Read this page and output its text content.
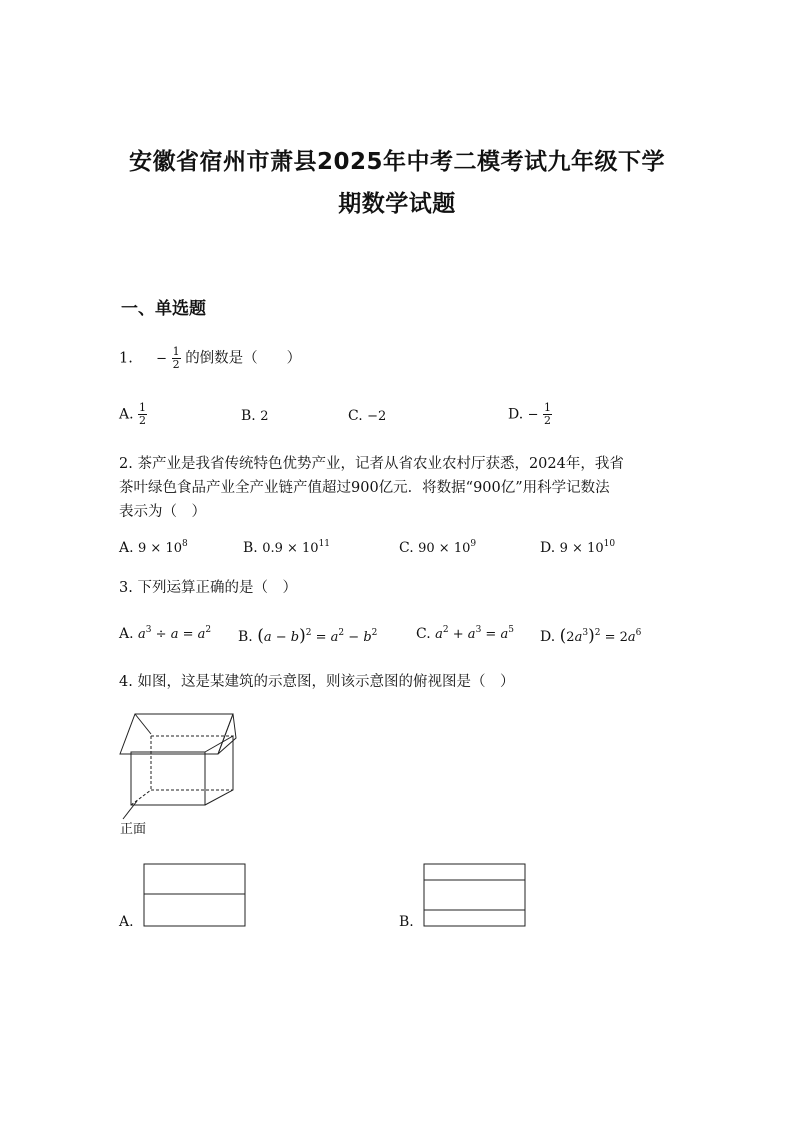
安徽省宿州市萧县2025年中考二模考试九年级下学
期数学试题
一、单选题
1. − $\frac{1}{2}$ 的倒数是（　　）
A. $\frac{1}{2}$	B. 2	C. −2	D. − $\frac{1}{2}$
2. 茶产业是我省传统特色优势产业，记者从省农业农村厅获悉，2024年，我省
茶叶绿色食品产业全产业链产值超过900亿元．将数据“900亿”用科学记数法
表示为（　）
A. $9 \times 10^8$	B. $0.9 \times 10^{11}$	C. $90 \times 10^9$	D. $9 \times 10^{10}$
3. 下列运算正确的是（　）
A. $a^3 \div a = a^2$ B. $(a - b)^2 = a^2 - b^2$	C. $a^2 + a^3 = a^5$ D. $(2a^3)^2 = 2a^6$
4. 如图，这是某建筑的示意图，则该示意图的俯视图是（　）
正面
A.	B.
